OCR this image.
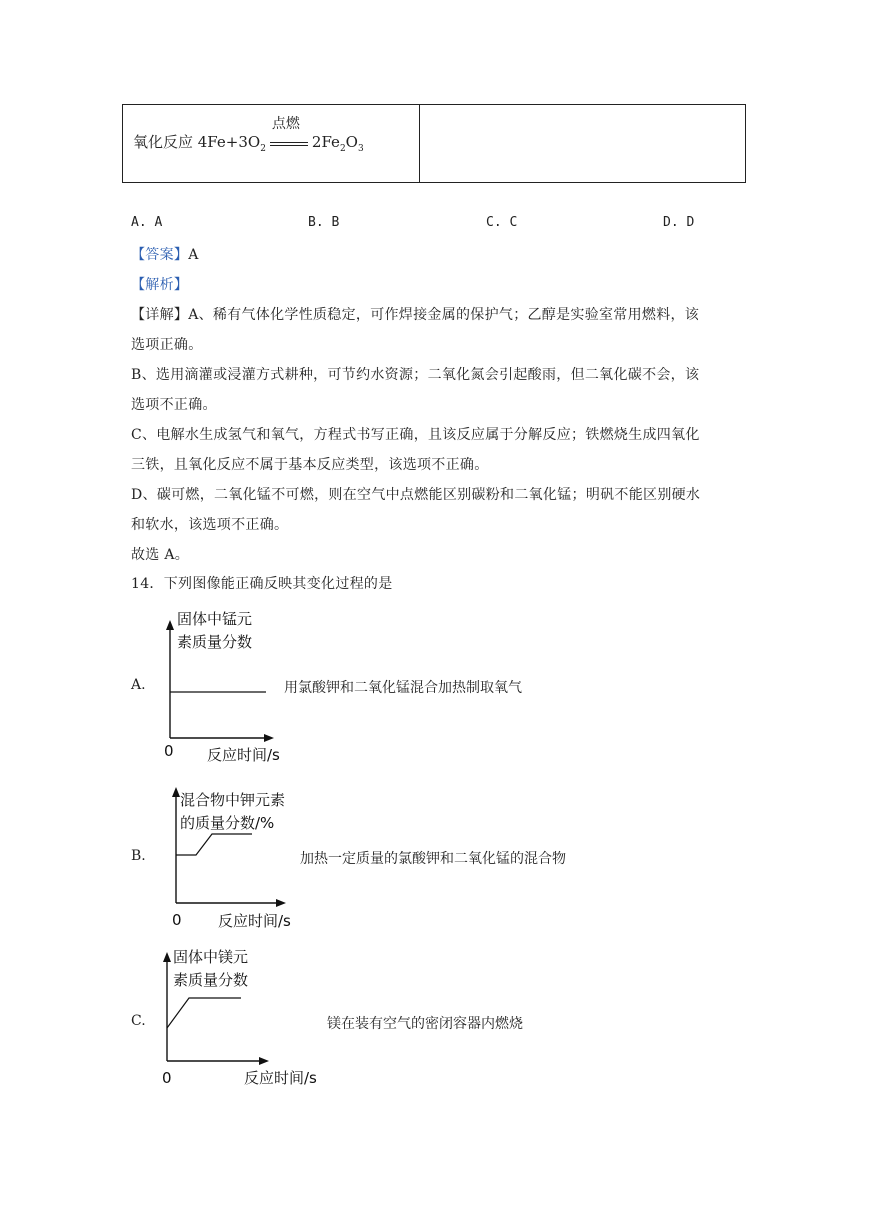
氧化反应 $4Fe+3O_2$
点燃
$2Fe_2O_3$

A. A	B. B	C. C	D. D
【答案】A
【解析】
【详解】A、稀有气体化学性质稳定，可作焊接金属的保护气；乙醇是实验室常用燃料，该
选项正确。
B、选用滴灌或浸灌方式耕种，可节约水资源；二氧化氮会引起酸雨，但二氧化碳不会，该
选项不正确。
C、电解水生成氢气和氧气，方程式书写正确，且该反应属于分解反应；铁燃烧生成四氧化
三铁，且氧化反应不属于基本反应类型，该选项不正确。
D、碳可燃，二氧化锰不可燃，则在空气中点燃能区别碳粉和二氧化锰；明矾不能区别硬水
和软水，该选项不正确。
故选 A。
14．下列图像能正确反映其变化过程的是
A.
固体中锰元
素质量分数
0 反应时间/s
用氯酸钾和二氧化锰混合加热制取氧气
B.
混合物中钾元素
的质量分数/%
0 反应时间/s
加热一定质量的氯酸钾和二氧化锰的混合物
C.
固体中镁元
素质量分数
0	反应时间/s
镁在装有空气的密闭容器内燃烧
